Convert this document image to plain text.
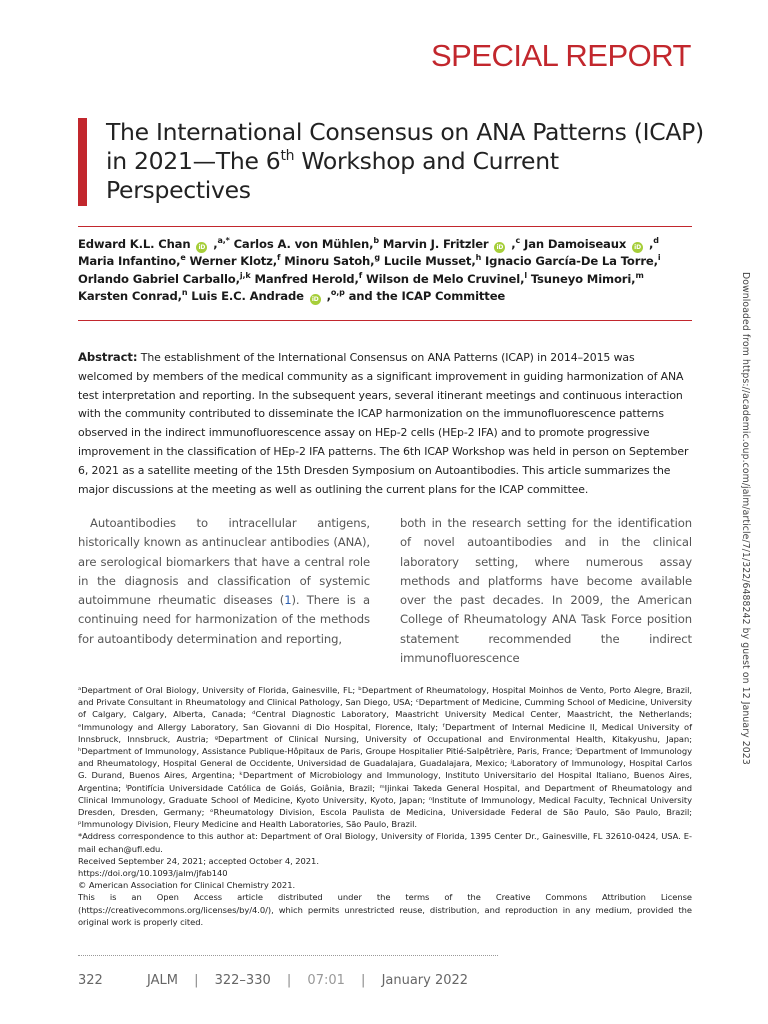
SPECIAL REPORT
The International Consensus on ANA Patterns (ICAP) in 2021—The 6th Workshop and Current Perspectives

Edward K.L. Chan iD ,$^{a,*}$ Carlos A. von Mühlen,$^b$ Marvin J. Fritzler iD ,$^c$ Jan Damoiseaux iD ,$^d$ Maria Infantino,$^e$ Werner Klotz,$^f$ Minoru Satoh,$^g$ Lucile Musset,$^h$ Ignacio García-De La Torre,$^i$ Orlando Gabriel Carballo,$^{j,k}$ Manfred Herold,$^f$ Wilson de Melo Cruvinel,$^l$ Tsuneyo Mimori,$^m$ Karsten Conrad,$^n$ Luis E.C. Andrade iD ,$^{o,p}$ and the ICAP Committee	Downloaded from https://academic.oup.com/jalm/article/7/1/322/6488242 by guest on 12 January 2023

Abstract: The establishment of the International Consensus on ANA Patterns (ICAP) in 2014–2015 was welcomed by members of the medical community as a significant improvement in guiding harmonization of ANA test interpretation and reporting. In the subsequent years, several itinerant meetings and continuous interaction with the community contributed to disseminate the ICAP harmonization on the immunofluorescence patterns observed in the indirect immunofluorescence assay on HEp-2 cells (HEp-2 IFA) and to promote progressive improvement in the classification of HEp-2 IFA patterns. The 6th ICAP Workshop was held in person on September 6, 2021 as a satellite meeting of the 15th Dresden Symposium on Autoantibodies. This article summarizes the major discussions at the meeting as well as outlining the current plans for the ICAP committee.

Autoantibodies to intracellular antigens, historically known as antinuclear antibodies (ANA), are serological biomarkers that have a central role in the diagnosis and classification of systemic autoimmune rheumatic diseases (1). There is a continuing need for harmonization of the methods for autoantibody determination and reporting,

both in the research setting for the identification of novel autoantibodies and in the clinical laboratory setting, where numerous assay methods and platforms have become available over the past decades. In 2009, the American College of Rheumatology ANA Task Force position statement recommended the indirect immunofluorescence

ᵃDepartment of Oral Biology, University of Florida, Gainesville, FL; ᵇDepartment of Rheumatology, Hospital Moinhos de Vento, Porto Alegre, Brazil, and Private Consultant in Rheumatology and Clinical Pathology, San Diego, USA; ᶜDepartment of Medicine, Cumming School of Medicine, University of Calgary, Calgary, Alberta, Canada; ᵈCentral Diagnostic Laboratory, Maastricht University Medical Center, Maastricht, the Netherlands; ᵉImmunology and Allergy Laboratory, San Giovanni di Dio Hospital, Florence, Italy; ᶠDepartment of Internal Medicine II, Medical University of Innsbruck, Innsbruck, Austria; ᵍDepartment of Clinical Nursing, University of Occupational and Environmental Health, Kitakyushu, Japan; ʰDepartment of Immunology, Assistance Publique-Hôpitaux de Paris, Groupe Hospitalier Pitié-Salpêtrière, Paris, France; ⁱDepartment of Immunology and Rheumatology, Hospital General de Occidente, Universidad de Guadalajara, Guadalajara, Mexico; ʲLaboratory of Immunology, Hospital Carlos G. Durand, Buenos Aires, Argentina; ᵏDepartment of Microbiology and Immunology, Instituto Universitario del Hospital Italiano, Buenos Aires, Argentina; ˡPontifícia Universidade Católica de Goiás, Goiânia, Brazil; ᵐIjinkai Takeda General Hospital, and Department of Rheumatology and Clinical Immunology, Graduate School of Medicine, Kyoto University, Kyoto, Japan; ⁿInstitute of Immunology, Medical Faculty, Technical University Dresden, Dresden, Germany; ᵒRheumatology Division, Escola Paulista de Medicina, Universidade Federal de São Paulo, São Paulo, Brazil; ᵖImmunology Division, Fleury Medicine and Health Laboratories, São Paulo, Brazil.

*Address correspondence to this author at: Department of Oral Biology, University of Florida, 1395 Center Dr., Gainesville, FL 32610-0424, USA. E-mail echan@ufl.edu.

Received September 24, 2021; accepted October 4, 2021.

https://doi.org/10.1093/jalm/jfab140

© American Association for Clinical Chemistry 2021.

This is an Open Access article distributed under the terms of the Creative Commons Attribution License (https://creativecommons.org/licenses/by/4.0/), which permits unrestricted reuse, distribution, and reproduction in any medium, provided the original work is properly cited.

322	JALM | 322–330 | 07:01 | January 2022
